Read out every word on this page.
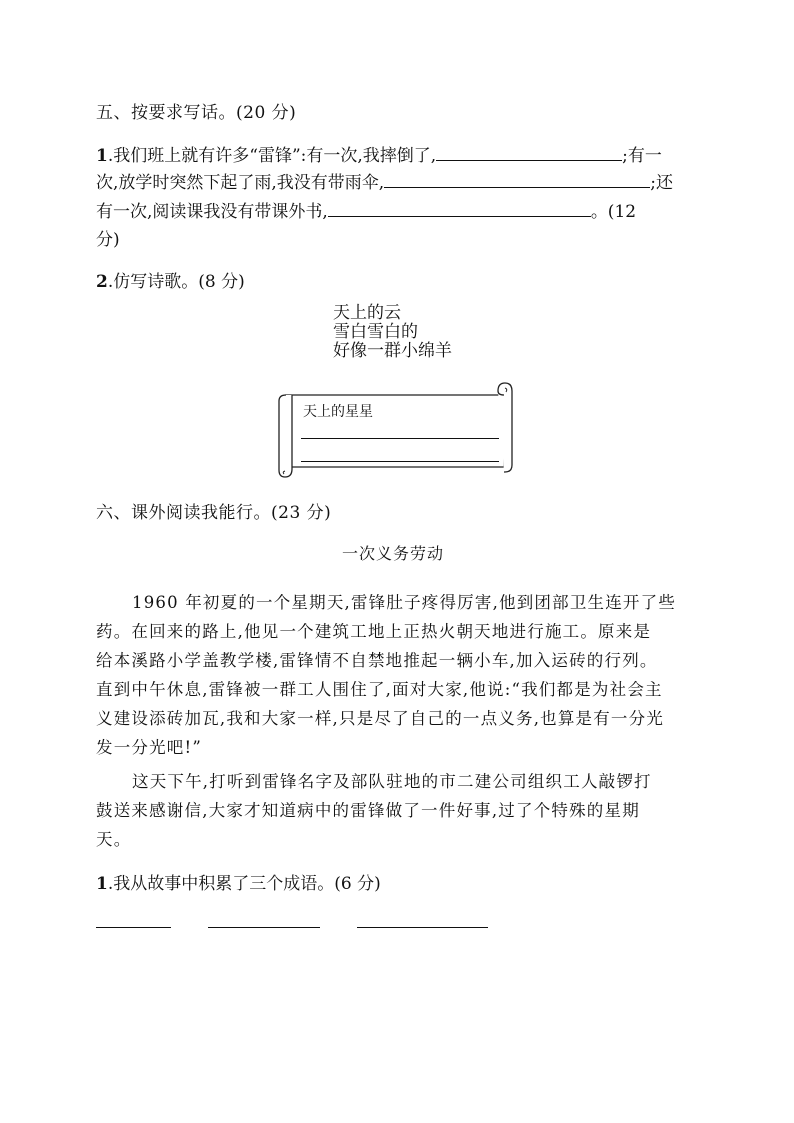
五、按要求写话。(20 分)
1.我们班上就有许多“雷锋”:有一次,我摔倒了,	;有一
次,放学时突然下起了雨,我没有带雨伞,	;还
有一次,阅读课我没有带课外书,	。(12
分)
2.仿写诗歌。(8 分)
天上的云
雪白雪白的
好像一群小绵羊
天上的星星
六、课外阅读我能行。(23 分)
一次义务劳动
1960 年初夏的一个星期天,雷锋肚子疼得厉害,他到团部卫生连开了些
药。在回来的路上,他见一个建筑工地上正热火朝天地进行施工。原来是
给本溪路小学盖教学楼,雷锋情不自禁地推起一辆小车,加入运砖的行列。
直到中午休息,雷锋被一群工人围住了,面对大家,他说:“我们都是为社会主
义建设添砖加瓦,我和大家一样,只是尽了自己的一点义务,也算是有一分光
发一分光吧!”
这天下午,打听到雷锋名字及部队驻地的市二建公司组织工人敲锣打
鼓送来感谢信,大家才知道病中的雷锋做了一件好事,过了个特殊的星期
天。
1.我从故事中积累了三个成语。(6 分)
